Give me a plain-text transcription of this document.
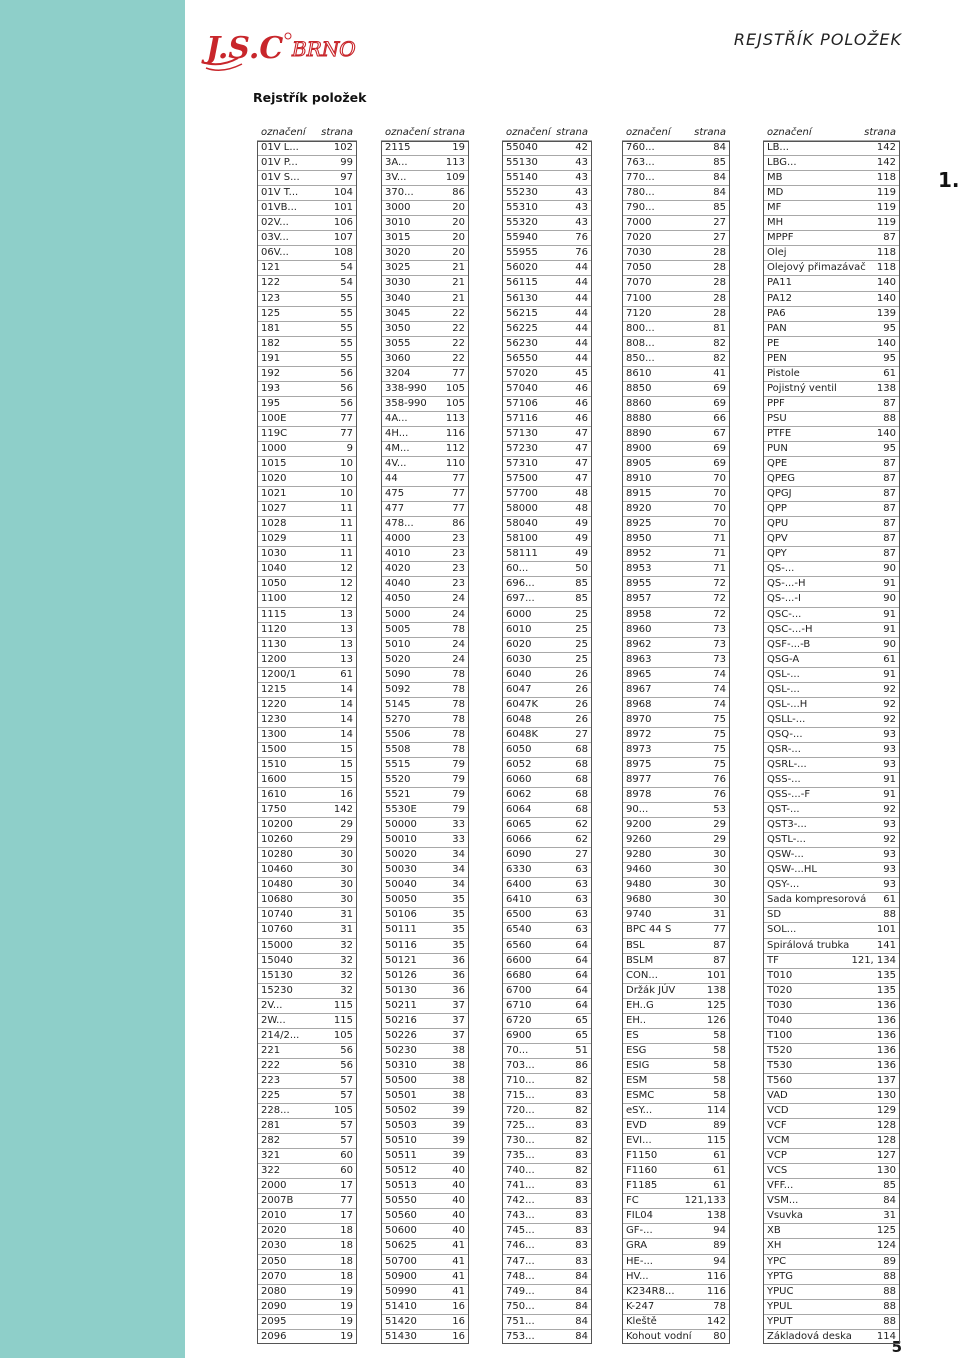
J.S.C BRNO	REJSTŘÍK POLOŽEK
Rejstřík položek
1.
5
označení	strana
01V L...	102
01V P...	99
01V S...	97
01V T...	104
01VB...	101
02V...	106
03V...	107
06V...	108
121	54
122	54
123	55
125	55
181	55
182	55
191	55
192	56
193	56
195	56
100E	77
119C	77
1000	9
1015	10
1020	10
1021	10
1027	11
1028	11
1029	11
1030	11
1040	12
1050	12
1100	12
1115	13
1120	13
1130	13
1200	13
1200/1	61
1215	14
1220	14
1230	14
1300	14
1500	15
1510	15
1600	15
1610	16
1750	142
10200	29
10260	29
10280	30
10460	30
10480	30
10680	30
10740	31
10760	31
15000	32
15040	32
15130	32
15230	32
2V...	115
2W...	115
214/2...	105
221	56
222	56
223	57
225	57
228...	105
281	57
282	57
321	60
322	60
2000	17
2007B	77
2010	17
2020	18
2030	18
2050	18
2070	18
2080	19
2090	19
2095	19
2096	19
označení	strana
2115	19
3A...	113
3V...	109
370...	86
3000	20
3010	20
3015	20
3020	20
3025	21
3030	21
3040	21
3045	22
3050	22
3055	22
3060	22
3204	77
338-990	105
358-990	105
4A...	113
4H...	116
4M...	112
4V...	110
44	77
475	77
477	77
478...	86
4000	23
4010	23
4020	23
4040	23
4050	24
5000	24
5005	78
5010	24
5020	24
5090	78
5092	78
5145	78
5270	78
5506	78
5508	78
5515	79
5520	79
5521	79
5530E	79
50000	33
50010	33
50020	34
50030	34
50040	34
50050	35
50106	35
50111	35
50116	35
50121	36
50126	36
50130	36
50211	37
50216	37
50226	37
50230	38
50310	38
50500	38
50501	38
50502	39
50503	39
50510	39
50511	39
50512	40
50513	40
50550	40
50560	40
50600	40
50625	41
50700	41
50900	41
50990	41
51410	16
51420	16
51430	16
označení	strana
55040	42
55130	43
55140	43
55230	43
55310	43
55320	43
55940	76
55955	76
56020	44
56115	44
56130	44
56215	44
56225	44
56230	44
56550	44
57020	45
57040	46
57106	46
57116	46
57130	47
57230	47
57310	47
57500	47
57700	48
58000	48
58040	49
58100	49
58111	49
60...	50
696...	85
697...	85
6000	25
6010	25
6020	25
6030	25
6040	26
6047	26
6047K	26
6048	26
6048K	27
6050	68
6052	68
6060	68
6062	68
6064	68
6065	62
6066	62
6090	27
6330	63
6400	63
6410	63
6500	63
6540	63
6560	64
6600	64
6680	64
6700	64
6710	64
6720	65
6900	65
70...	51
703...	86
710...	82
715...	83
720...	82
725...	83
730...	82
735...	83
740...	82
741...	83
742...	83
743...	83
745...	83
746...	83
747...	83
748...	84
749...	84
750...	84
751...	84
753...	84
označení	strana
760...	84
763...	85
770...	84
780...	84
790...	85
7000	27
7020	27
7030	28
7050	28
7070	28
7100	28
7120	28
800...	81
808...	82
850...	82
8610	41
8850	69
8860	69
8880	66
8890	67
8900	69
8905	69
8910	70
8915	70
8920	70
8925	70
8950	71
8952	71
8953	71
8955	72
8957	72
8958	72
8960	73
8962	73
8963	73
8965	74
8967	74
8968	74
8970	75
8972	75
8973	75
8975	75
8977	76
8978	76
90...	53
9200	29
9260	29
9280	30
9460	30
9480	30
9680	30
9740	31
BPC 44 S	77
BSL	87
BSLM	87
CON...	101
Držák JÚV	138
EH..G	125
EH..	126
ES	58
ESG	58
ESIG	58
ESM	58
ESMC	58
eSY...	114
EVD	89
EVI...	115
F1150	61
F1160	61
F1185	61
FC	121,133
FIL04	138
GF-...	94
GRA	89
HE-...	94
HV...	116
K234R8...	116
K-247	78
Kleště	142
Kohout vodní	80
označení	strana
LB...	142
LBG...	142
MB	118
MD	119
MF	119
MH	119
MPPF	87
Olej	118
Olejový přimazávač	118
PA11	140
PA12	140
PA6	139
PAN	95
PE	140
PEN	95
Pistole	61
Pojistný ventil	138
PPF	87
PSU	88
PTFE	140
PUN	95
QPE	87
QPEG	87
QPGJ	87
QPP	87
QPU	87
QPV	87
QPY	87
QS-...	90
QS-...-H	91
QS-...-I	90
QSC-...	91
QSC-...-H	91
QSF-...-B	90
QSG-A	61
QSL-...	91
QSL-...	92
QSL-...H	92
QSLL-...	92
QSQ-...	93
QSR-...	93
QSRL-...	93
QSS-...	91
QSS-...-F	91
QST-...	92
QST3-...	93
QSTL-...	92
QSW-...	93
QSW-...HL	93
QSY-...	93
Sada kompresorová	61
SD	88
SOL...	101
Spirálová trubka	141
TF	121, 134
T010	135
T020	135
T030	136
T040	136
T100	136
T520	136
T530	136
T560	137
VAD	130
VCD	129
VCF	128
VCM	128
VCP	127
VCS	130
VFF...	85
VSM...	84
Vsuvka	31
XB	125
XH	124
YPC	89
YPTG	88
YPUC	88
YPUL	88
YPUT	88
Základová deska	114
